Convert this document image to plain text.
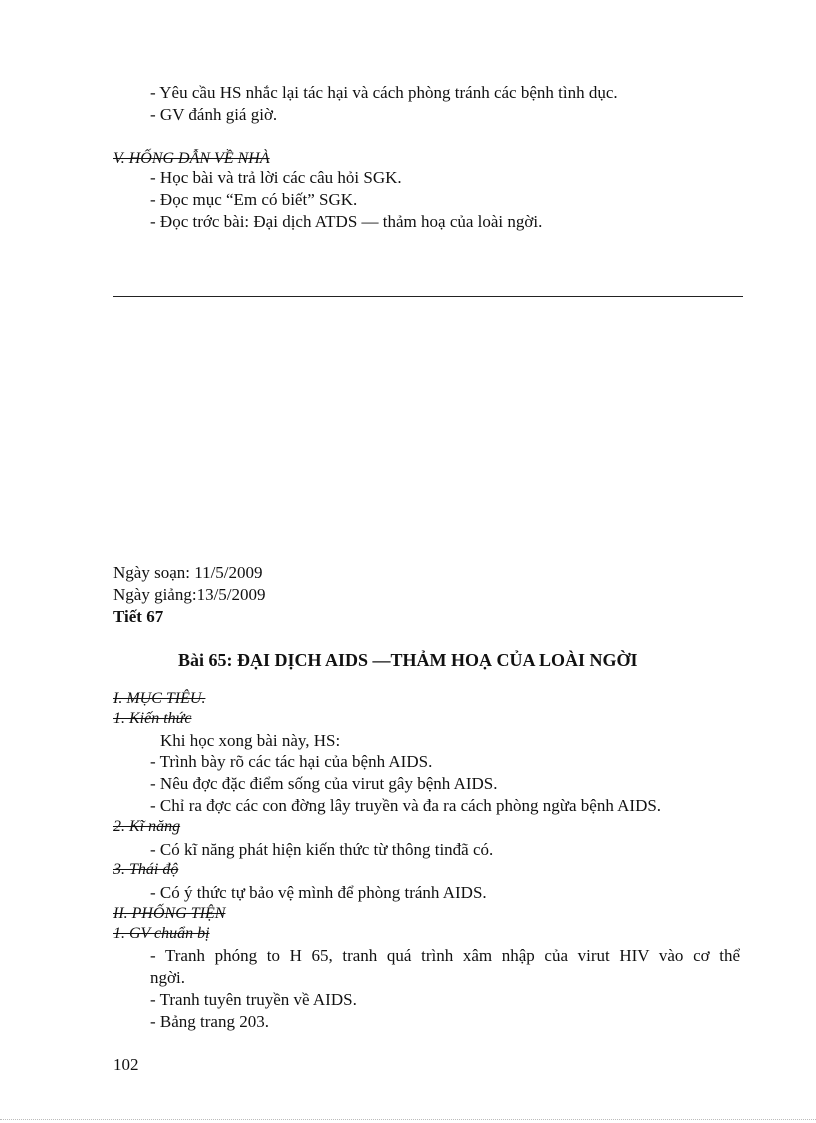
- Yêu cầu HS nhắc lại tác hại và cách phòng tránh các bệnh tình dục.
- GV đánh giá giờ.
V. HỐNG DẪN VỀ NHÀ
- Học bài và trả lời các câu hỏi SGK.
- Đọc mục “Em có biết” SGK.
- Đọc trớc bài: Đại dịch ATDS — thảm hoạ của loài ngời.
Ngày soạn: 11/5/2009
Ngày giảng:13/5/2009
Tiết 67
Bài 65: ĐẠI DỊCH AIDS —THẢM HOẠ CỦA LOÀI NGỜI
I. MỤC TIÊU.
1. Kiến thức
Khi học xong bài này, HS:
- Trình bày rõ các tác hại của bệnh AIDS.
- Nêu đợc đặc điểm sống của virut gây bệnh AIDS.
- Chỉ ra đợc các con đờng lây truyền và đa ra cách phòng ngừa bệnh AIDS.
2. Kĩ năng
- Có kĩ năng phát hiện kiến thức từ thông tinđã có.
3. Thái độ
- Có ý thức tự bảo vệ mình để phòng tránh AIDS.
II. PHỐNG TIỆN
1. GV chuẩn bị
- Tranh phóng to H 65, tranh quá trình xâm nhập của virut HIV vào cơ thể
ngời.
- Tranh tuyên truyền về AIDS.
- Bảng trang 203.
102
